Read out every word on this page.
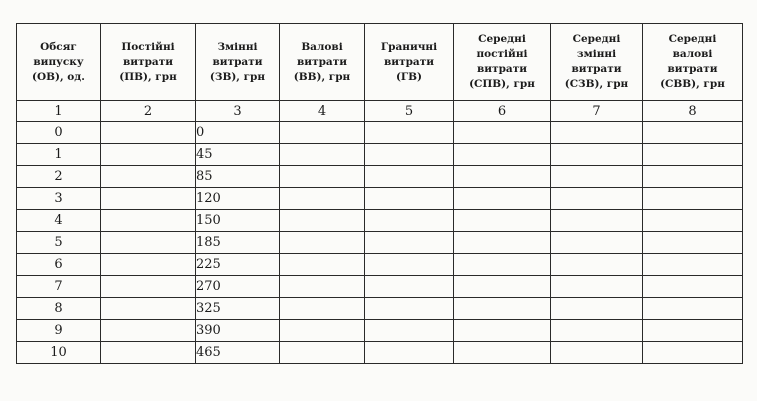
Обсяг
випуску
(ОВ), од.	Постійні
витрати
(ПВ), грн	Змінні
витрати
(ЗВ), грн	Валові
витрати
(ВВ), грн	Граничні
витрати
(ГВ)	Середні
постійні
витрати
(СПВ), грн	Середні
змінні
витрати
(СЗВ), грн	Середні
валові
витрати
(СВВ), грн
1	2	3	4	5	6	7	8
0		0					
1		45					
2		85					
3		120					
4		150					
5		185					
6		225					
7		270					
8		325					
9		390					
10		465					
